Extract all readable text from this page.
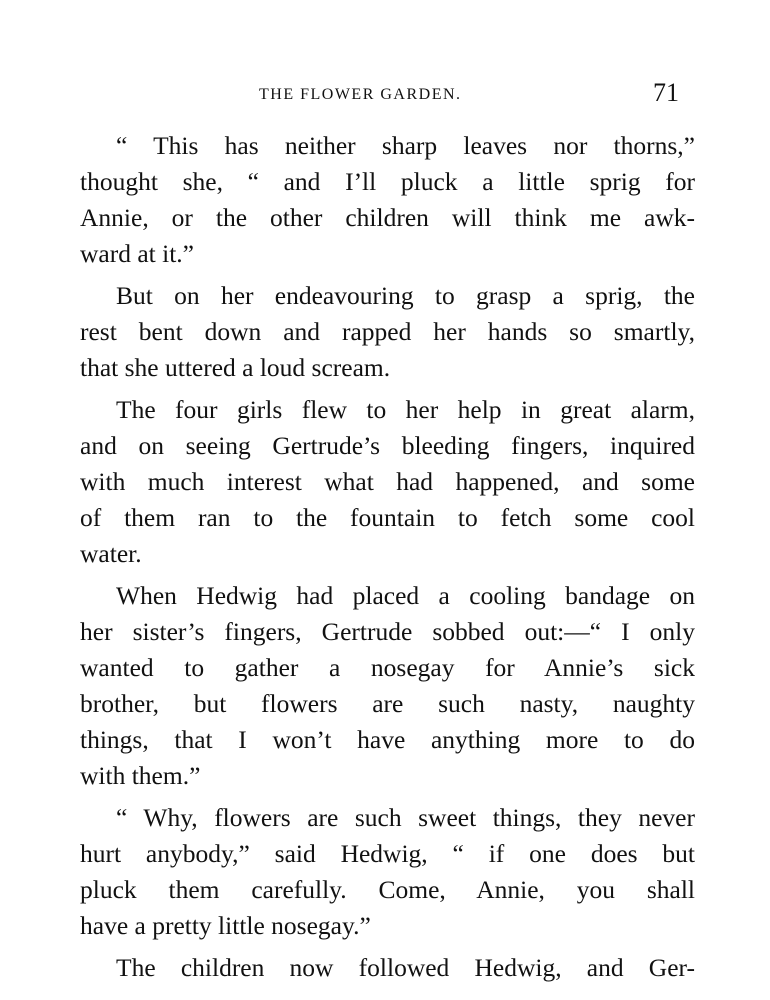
THE FLOWER GARDEN.	71
“ This has neither sharp leaves nor thorns,”
thought she, “ and I’ll pluck a little sprig for
Annie, or the other children will think me awk-
ward at it.”
But on her endeavouring to grasp a sprig, the
rest bent down and rapped her hands so smartly,
that she uttered a loud scream.
The four girls flew to her help in great alarm,
and on seeing Gertrude’s bleeding fingers, inquired
with much interest what had happened, and some
of them ran to the fountain to fetch some cool
water.
When Hedwig had placed a cooling bandage on
her sister’s fingers, Gertrude sobbed out:—“ I only
wanted to gather a nosegay for Annie’s sick
brother, but flowers are such nasty, naughty
things, that I won’t have anything more to do
with them.”
“ Why, flowers are such sweet things, they never
hurt anybody,” said Hedwig, “ if one does but
pluck them carefully. Come, Annie, you shall
have a pretty little nosegay.”
The children now followed Hedwig, and Ger-
